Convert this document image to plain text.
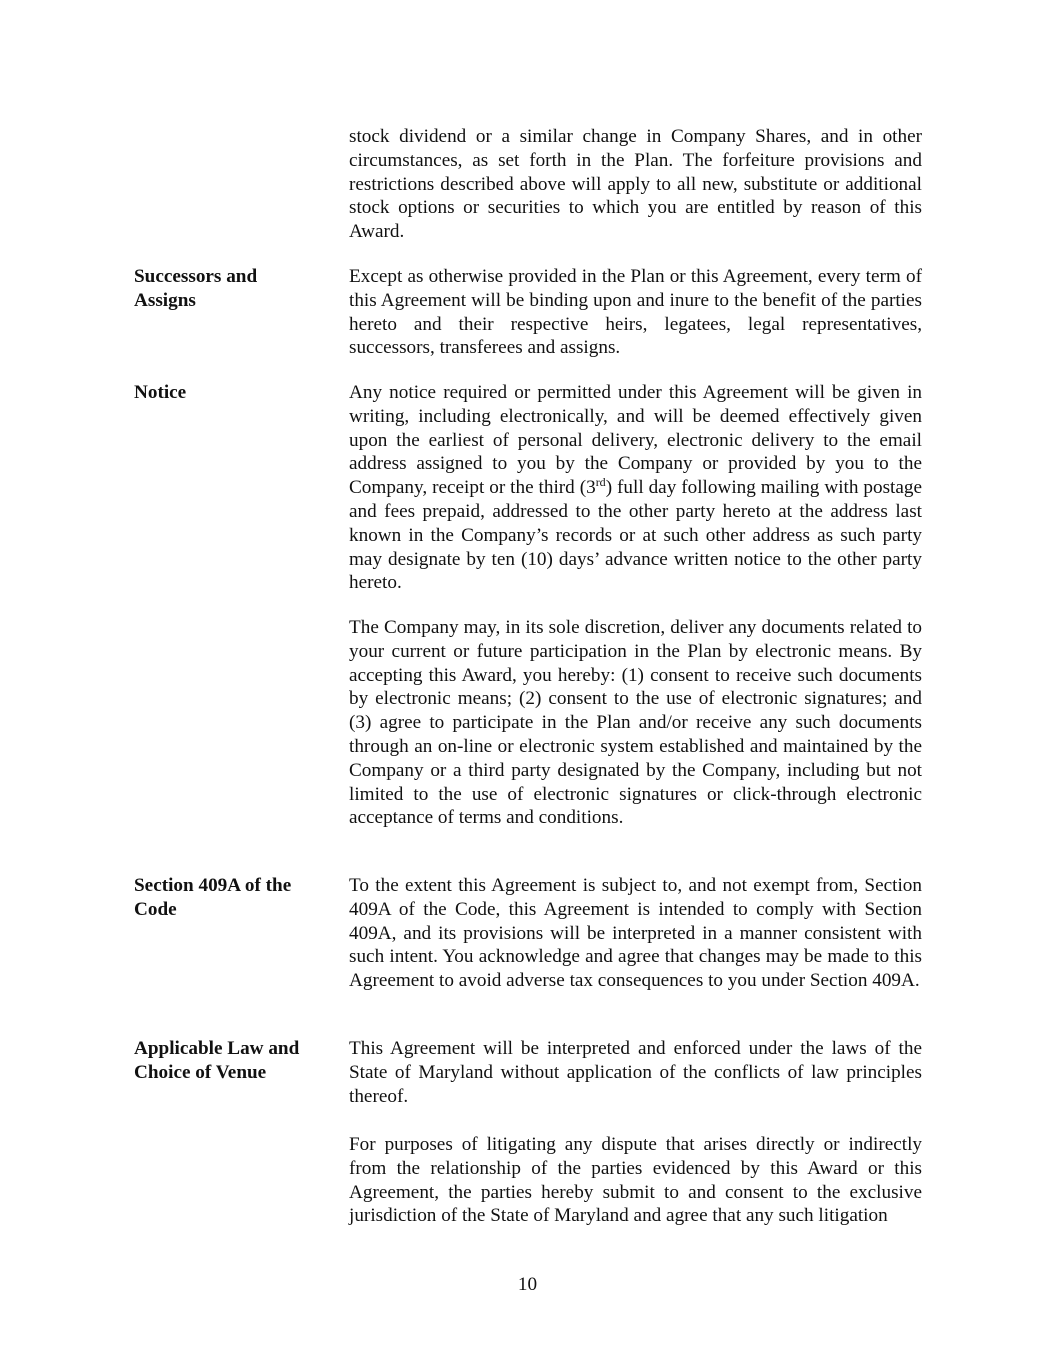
stock dividend or a similar change in Company Shares, and in other circumstances, as set forth in the Plan. The forfeiture provisions and restrictions described above will apply to all new, substitute or additional stock options or securities to which you are entitled by reason of this Award.

Successors and
Assigns

Except as otherwise provided in the Plan or this Agreement, every term of this Agreement will be binding upon and inure to the benefit of the parties hereto and their respective heirs, legatees, legal representatives, successors, transferees and assigns.

Notice	Any notice required or permitted under this Agreement will be given in writing, including electronically, and will be deemed effectively given upon the earliest of personal delivery, electronic delivery to the email address assigned to you by the Company or provided by you to the Company, receipt or the third (3rd) full day following mailing with postage and fees prepaid, addressed to the other party hereto at the address last known in the Company’s records or at such other address as such party may designate by ten (10) days’ advance written notice to the other party hereto.

The Company may, in its sole discretion, deliver any documents related to your current or future participation in the Plan by electronic means. By accepting this Award, you hereby: (1) consent to receive such documents by electronic means; (2) consent to the use of electronic signatures; and (3) agree to participate in the Plan and/or receive any such documents through an on-line or electronic system established and maintained by the Company or a third party designated by the Company, including but not limited to the use of electronic signatures or click-through electronic acceptance of terms and conditions.

Section 409A of the
Code

To the extent this Agreement is subject to, and not exempt from, Section 409A of the Code, this Agreement is intended to comply with Section 409A, and its provisions will be interpreted in a manner consistent with such intent. You acknowledge and agree that changes may be made to this Agreement to avoid adverse tax consequences to you under Section 409A.

Applicable Law and
Choice of Venue

This Agreement will be interpreted and enforced under the laws of the State of Maryland without application of the conflicts of law principles thereof.

For purposes of litigating any dispute that arises directly or indirectly from the relationship of the parties evidenced by this Award or this Agreement, the parties hereby submit to and consent to the exclusive jurisdiction of the State of Maryland and agree that any such litigation

10
